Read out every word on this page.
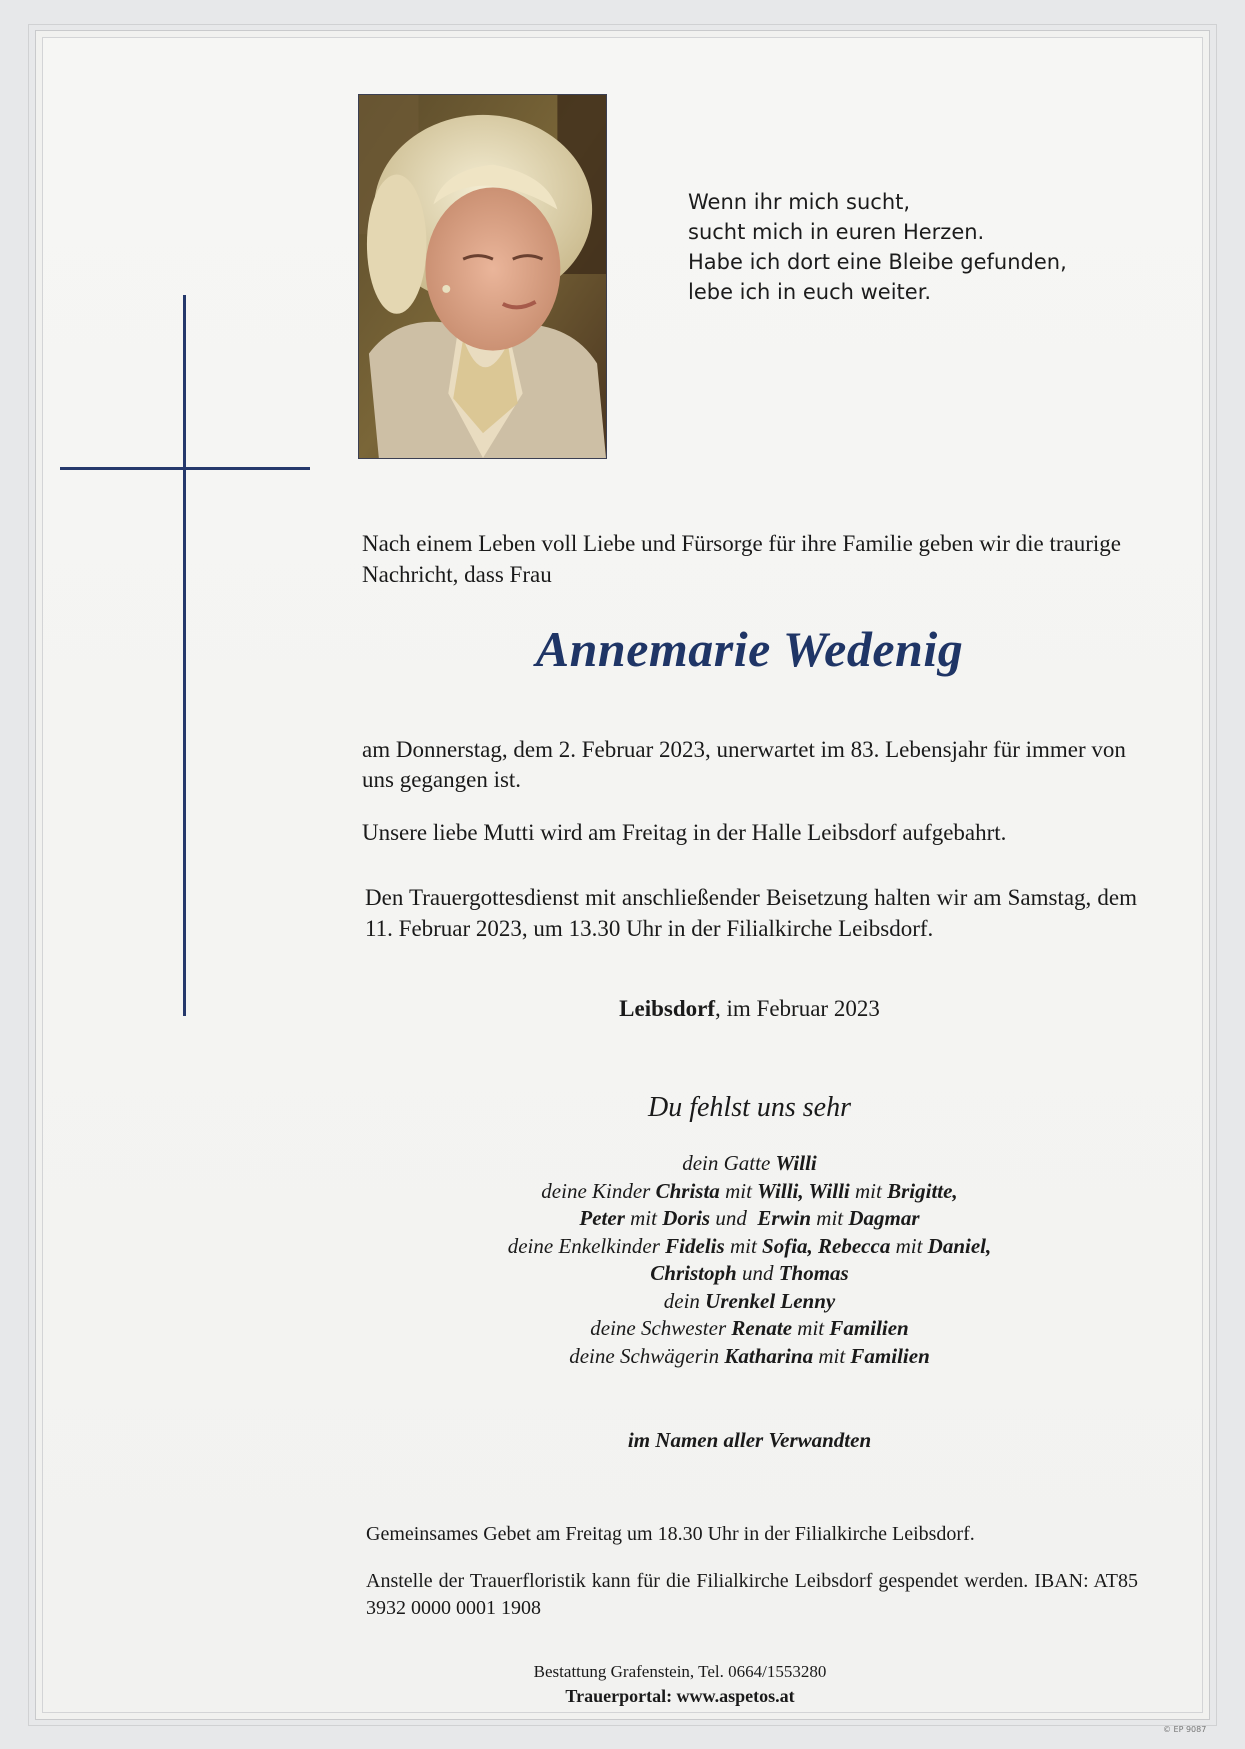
Wenn ihr mich sucht,
sucht mich in euren Herzen.
Habe ich dort eine Bleibe gefunden,
lebe ich in euch weiter.
Nach einem Leben voll Liebe und Fürsorge für ihre Familie geben wir die traurige Nachricht, dass Frau
Annemarie Wedenig
am Donnerstag, dem 2. Februar 2023, unerwartet im 83. Lebensjahr für immer von uns gegangen ist.
Unsere liebe Mutti wird am Freitag in der Halle Leibsdorf aufgebahrt.
Den Trauergottesdienst mit anschließender Beisetzung halten wir am Samstag, dem 11. Februar 2023, um 13.30 Uhr in der Filialkirche Leibsdorf.
Leibsdorf, im Februar 2023
Du fehlst uns sehr
dein Gatte Willi
deine Kinder Christa mit Willi, Willi mit Brigitte,
Peter mit Doris und  Erwin mit Dagmar
deine Enkelkinder Fidelis mit Sofia, Rebecca mit Daniel,
Christoph und Thomas
dein Urenkel Lenny
deine Schwester Renate mit Familien
deine Schwägerin Katharina mit Familien
im Namen aller Verwandten
Gemeinsames Gebet am Freitag um 18.30 Uhr in der Filialkirche Leibsdorf.
Anstelle der Trauerfloristik kann für die Filialkirche Leibsdorf gespendet werden. IBAN: AT85 3932 0000 0001 1908
Bestattung Grafenstein, Tel. 0664/1553280
Trauerportal: www.aspetos.at
© EP 9087
